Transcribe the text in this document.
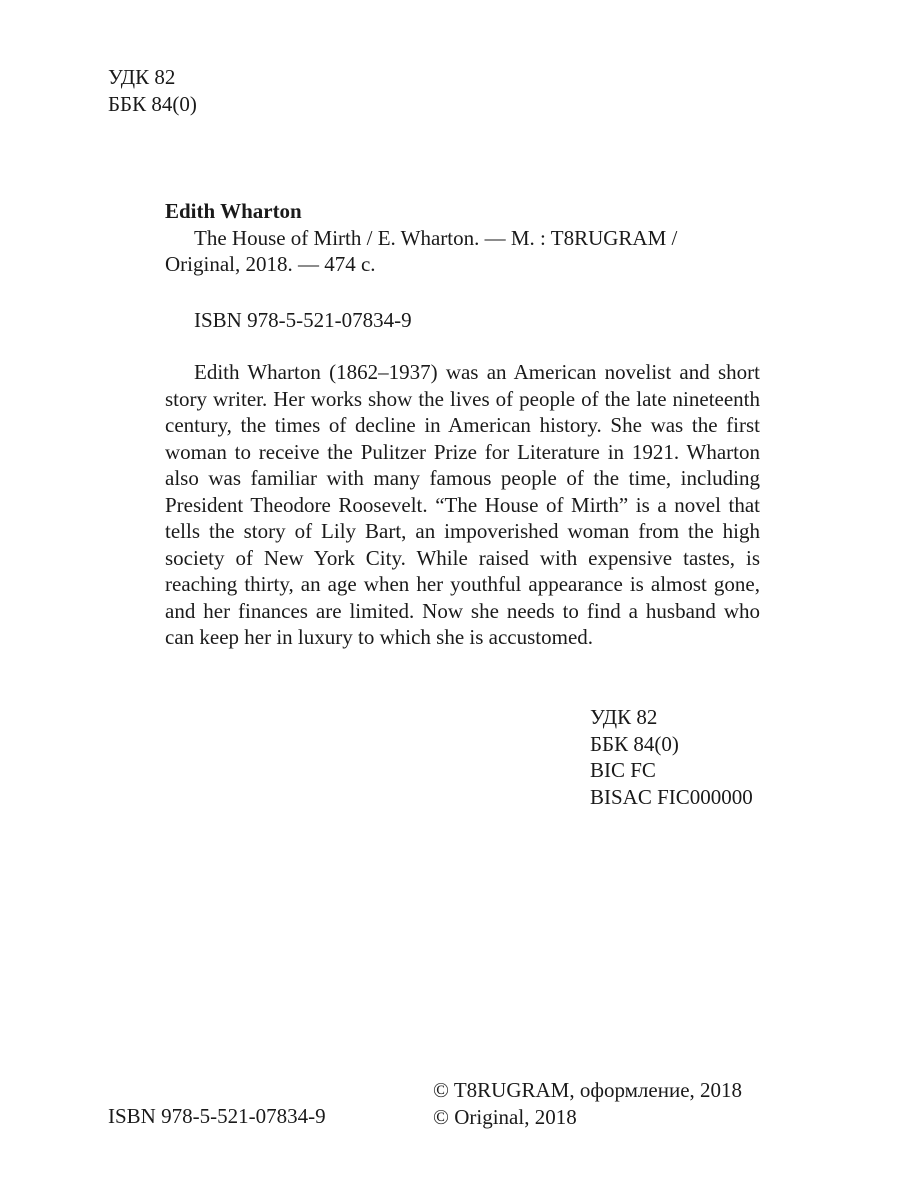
УДК 82
ББК 84(0)
Edith Wharton
The House of Mirth / E. Wharton. — M. : T8RUGRAM /
Original, 2018. — 474 c.
ISBN 978-5-521-07834-9
Edith Wharton (1862–1937) was an American novelist and short story writer. Her works show the lives of people of the late nineteenth century, the times of decline in American history. She was the first woman to receive the Pulitzer Prize for Literature in 1921. Wharton also was familiar with many famous people of the time, including President Theodore Roosevelt. “The House of Mirth” is a novel that tells the story of Lily Bart, an impoverished woman from the high society of New York City. While raised with expensive tastes, is reaching thirty, an age when her youthful appearance is almost gone, and her finances are limited. Now she needs to find a husband who can keep her in luxury to which she is accustomed.
УДК 82
ББК 84(0)
BIC FC
BISAC FIC000000
ISBN 978-5-521-07834-9
© T8RUGRAM, оформление, 2018
© Original, 2018
